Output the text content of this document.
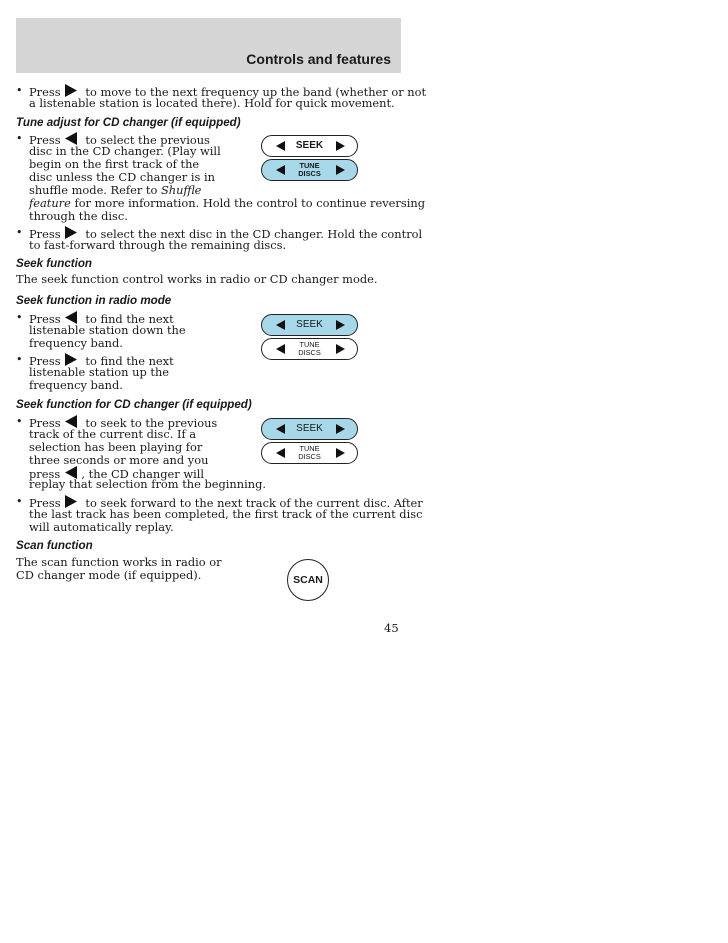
Controls and features
• Press to move to the next frequency up the band (whether or not
a listenable station is located there). Hold for quick movement.
Tune adjust for CD changer (if equipped)
• Press to select the previous
disc in the CD changer. (Play will
begin on the first track of the
disc unless the CD changer is in
shuffle mode. Refer to Shuffle
feature for more information. Hold the control to continue reversing
through the disc.
• Press to select the next disc in the CD changer. Hold the control
to fast-forward through the remaining discs.
SEEK
TUNE
DISCS
Seek function
The seek function control works in radio or CD changer mode.
Seek function in radio mode
• Press to find the next
listenable station down the
frequency band.
• Press to find the next
listenable station up the
frequency band.
SEEK
TUNE
DISCS
Seek function for CD changer (if equipped)
• Press to seek to the previous
track of the current disc. If a
selection has been playing for
three seconds or more and you
press , the CD changer will
replay that selection from the beginning.
• Press to seek forward to the next track of the current disc. After
the last track has been completed, the first track of the current disc
will automatically replay.
SEEK
TUNE
DISCS
Scan function
The scan function works in radio or
CD changer mode (if equipped).	SCAN
45
